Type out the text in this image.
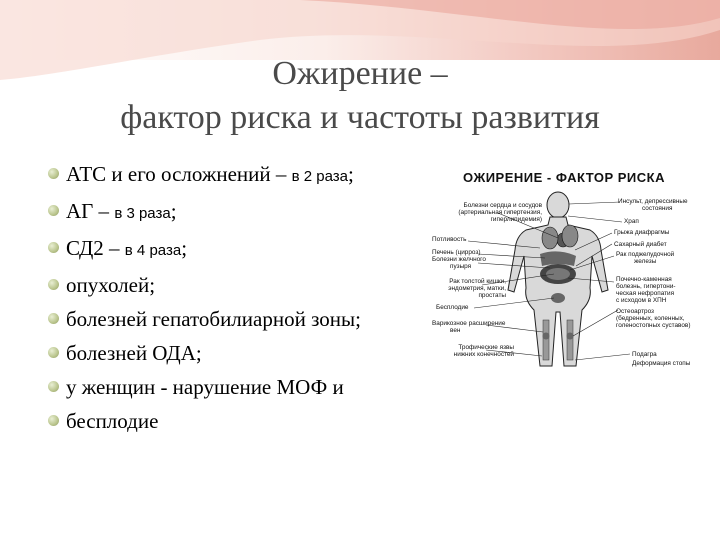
Ожирение –
фактор риска и частоты развития
АТС и его осложнений – в 2 раза;
АГ – в 3 раза;
СД2 – в 4 раза;
опухолей;
болезней гепатобилиарной зоны;
болезней ОДА;
у женщин - нарушение МОФ и
бесплодие
ОЖИРЕНИЕ - ФАКТОР РИСКА
Болезни сердца и сосудов
(артериальная гипертензия,
гиперлипидемия)
Потливость
Печень (цирроз)
Болезни желчного
пузыря
Рак толстой кишки,
эндометрия, матки,
простаты
Бесплодие
Варикозное расширение
вен
Трофические язвы
нижних конечностей
Инсульт, депрессивные
состояния
Храп
Грыжа диафрагмы
Сахарный диабет
Рак поджелудочной
железы
Почечно-каменная
болезнь, гипертони-
ческая нефропатия
с исходом в ХПН
Остеоартроз
(бедренных, коленных,
голеностопных суставов)
Подагра
Деформация стопы
